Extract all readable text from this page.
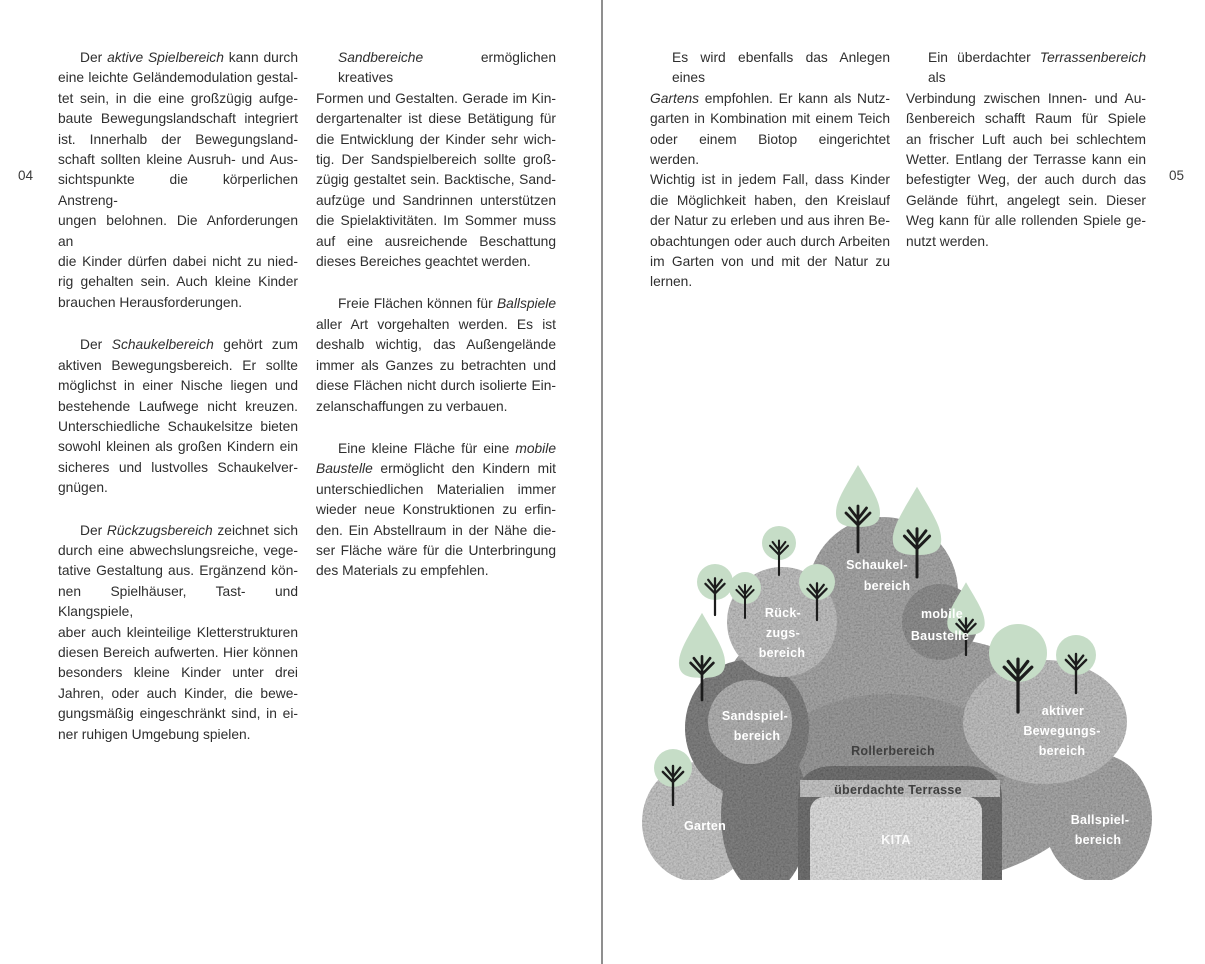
04	05
Der aktive Spielbereich kann durch
eine leichte Geländemodulation gestal-
tet sein, in die eine großzügig aufge-
baute Bewegungslandschaft integriert
ist. Innerhalb der Bewegungsland-
schaft sollten kleine Ausruh- und Aus-
sichtspunkte die körperlichen Anstreng-
ungen belohnen. Die Anforderungen an
die Kinder dürfen dabei nicht zu nied-
rig gehalten sein. Auch kleine Kinder
brauchen Herausforderungen.
Der Schaukelbereich gehört zum
aktiven Bewegungsbereich. Er sollte
möglichst in einer Nische liegen und
bestehende Laufwege nicht kreuzen.
Unterschiedliche Schaukelsitze bieten
sowohl kleinen als großen Kindern ein
sicheres und lustvolles Schaukelver-
gnügen.
Der Rückzugsbereich zeichnet sich
durch eine abwechslungsreiche, vege-
tative Gestaltung aus. Ergänzend kön-
nen Spielhäuser, Tast- und Klangspiele,
aber auch kleinteilige Kletterstrukturen
diesen Bereich aufwerten. Hier können
besonders kleine Kinder unter drei
Jahren, oder auch Kinder, die bewe-
gungsmäßig eingeschränkt sind, in ei-
ner ruhigen Umgebung spielen.
Sandbereiche ermöglichen kreatives
Formen und Gestalten. Gerade im Kin-
dergartenalter ist diese Betätigung für
die Entwicklung der Kinder sehr wich-
tig. Der Sandspielbereich sollte groß-
zügig gestaltet sein. Backtische, Sand-
aufzüge und Sandrinnen unterstützen
die Spielaktivitäten. Im Sommer muss
auf eine ausreichende Beschattung
dieses Bereiches geachtet werden.
Freie Flächen können für Ballspiele
aller Art vorgehalten werden. Es ist
deshalb wichtig, das Außengelände
immer als Ganzes zu betrachten und
diese Flächen nicht durch isolierte Ein-
zelanschaffungen zu verbauen.
Eine kleine Fläche für eine mobile
Baustelle ermöglicht den Kindern mit
unterschiedlichen Materialien immer
wieder neue Konstruktionen zu erfin-
den. Ein Abstellraum in der Nähe die-
ser Fläche wäre für die Unterbringung
des Materials zu empfehlen.
Es wird ebenfalls das Anlegen eines
Gartens empfohlen. Er kann als Nutz-
garten in Kombination mit einem Teich
oder einem Biotop eingerichtet werden.
Wichtig ist in jedem Fall, dass Kinder
die Möglichkeit haben, den Kreislauf
der Natur zu erleben und aus ihren Be-
obachtungen oder auch durch Arbeiten
im Garten von und mit der Natur zu
lernen.
Ein überdachter Terrassenbereich als
Verbindung zwischen Innen- und Au-
ßenbereich schafft Raum für Spiele
an frischer Luft auch bei schlechtem
Wetter. Entlang der Terrasse kann ein
befestigter Weg, der auch durch das
Gelände führt, angelegt sein. Dieser
Weg kann für alle rollenden Spiele ge-
nutzt werden.
Schaukel-
bereich
mobile
Baustelle
Rück-
zugs-
bereich
Sandspiel-
bereich
aktiver
Bewegungs-
bereich
Ballspiel-
bereich
Garten
KITA
Rollerbereich
überdachte Terrasse
